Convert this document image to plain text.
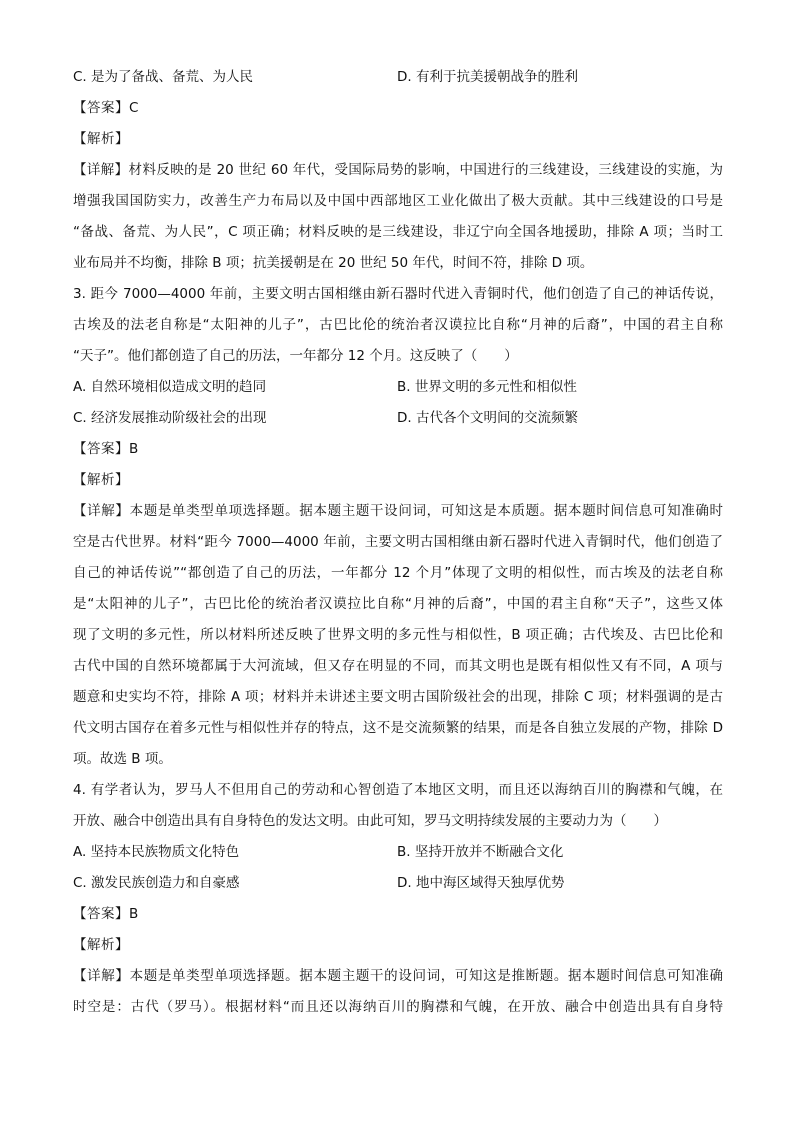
C. 是为了备战、备荒、为人民	D. 有利于抗美援朝战争的胜利
【答案】C
【解析】
【详解】材料反映的是 20 世纪 60 年代，受国际局势的影响，中国进行的三线建设，三线建设的实施，为
增强我国国防实力，改善生产力布局以及中国中西部地区工业化做出了极大贡献。其中三线建设的口号是
“备战、备荒、为人民”，C 项正确；材料反映的是三线建设，非辽宁向全国各地援助，排除 A 项；当时工
业布局并不均衡，排除 B 项；抗美援朝是在 20 世纪 50 年代，时间不符，排除 D 项。
3. 距今 7000—4000 年前，主要文明古国相继由新石器时代进入青铜时代，他们创造了自己的神话传说，
古埃及的法老自称是“太阳神的儿子”，古巴比伦的统治者汉谟拉比自称“月神的后裔”，中国的君主自称
“天子”。他们都创造了自己的历法，一年都分 12 个月。这反映了（　　）
A. 自然环境相似造成文明的趋同	B. 世界文明的多元性和相似性
C. 经济发展推动阶级社会的出现	D. 古代各个文明间的交流频繁
【答案】B
【解析】
【详解】本题是单类型单项选择题。据本题主题干设问词，可知这是本质题。据本题时间信息可知准确时
空是古代世界。材料“距今 7000—4000 年前，主要文明古国相继由新石器时代进入青铜时代，他们创造了
自己的神话传说”“都创造了自己的历法，一年都分 12 个月”体现了文明的相似性，而古埃及的法老自称
是“太阳神的儿子”，古巴比伦的统治者汉谟拉比自称“月神的后裔”，中国的君主自称“天子”，这些又体
现了文明的多元性，所以材料所述反映了世界文明的多元性与相似性，B 项正确；古代埃及、古巴比伦和
古代中国的自然环境都属于大河流域，但又存在明显的不同，而其文明也是既有相似性又有不同，A 项与
题意和史实均不符，排除 A 项；材料并未讲述主要文明古国阶级社会的出现，排除 C 项；材料强调的是古
代文明古国存在着多元性与相似性并存的特点，这不是交流频繁的结果，而是各自独立发展的产物，排除 D
项。故选 B 项。
4. 有学者认为，罗马人不但用自己的劳动和心智创造了本地区文明，而且还以海纳百川的胸襟和气魄，在
开放、融合中创造出具有自身特色的发达文明。由此可知，罗马文明持续发展的主要动力为（　　）
A. 坚持本民族物质文化特色	B. 坚持开放并不断融合文化
C. 激发民族创造力和自豪感	D. 地中海区域得天独厚优势
【答案】B
【解析】
【详解】本题是单类型单项选择题。据本题主题干的设问词，可知这是推断题。据本题时间信息可知准确
时空是：古代（罗马）。根据材料“而且还以海纳百川的胸襟和气魄，在开放、融合中创造出具有自身特
